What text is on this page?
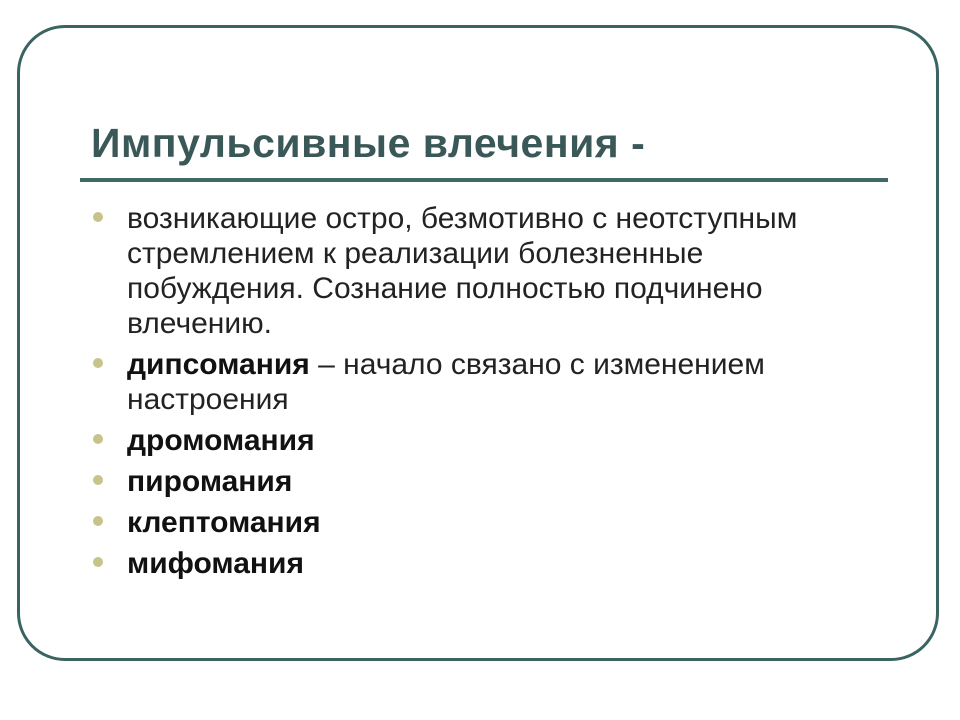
Импульсивные влечения -
возникающие остро, безмотивно с неотступным стремлением к реализации болезненные побуждения. Сознание полностью подчинено влечению.
дипсомания – начало связано с изменением настроения
дромомания
пиромания
клептомания
мифомания
